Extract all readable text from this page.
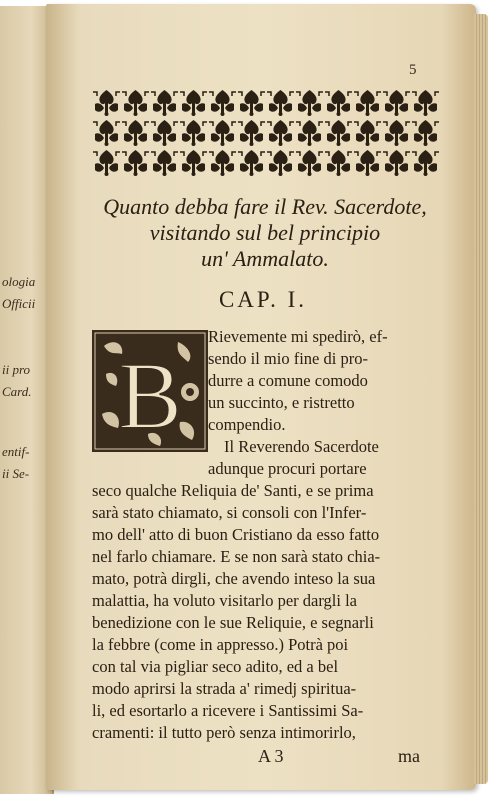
ologia
Officii
ii pro
Card.
entif-
ii Se-
5
Quanto debba fare il Rev. Sacerdote,
visitando sul bel principio
un' Ammalato.
CAP. I.
B
Rievemente mi spedirò, ef-
sendo il mio fine di pro-
durre a comune comodo
un succinto, e ristretto
compendio.
Il Reverendo Sacerdote
adunque procuri portare
seco qualche Reliquia de' Santi, e se prima
sarà stato chiamato, si consoli con l'Infer-
mo dell' atto di buon Cristiano da esso fatto
nel farlo chiamare. E se non sarà stato chia-
mato, potrà dirgli, che avendo inteso la sua
malattia, ha voluto visitarlo per dargli la
benedizione con le sue Reliquie, e segnarli
la febbre (come in appresso.) Potrà poi
con tal via pigliar seco adito, ed a bel
modo aprirsi la strada a' rimedj spiritua-
li, ed esortarlo a ricevere i Santissimi Sa-
cramenti: il tutto però senza intimorirlo,
A 3	ma
